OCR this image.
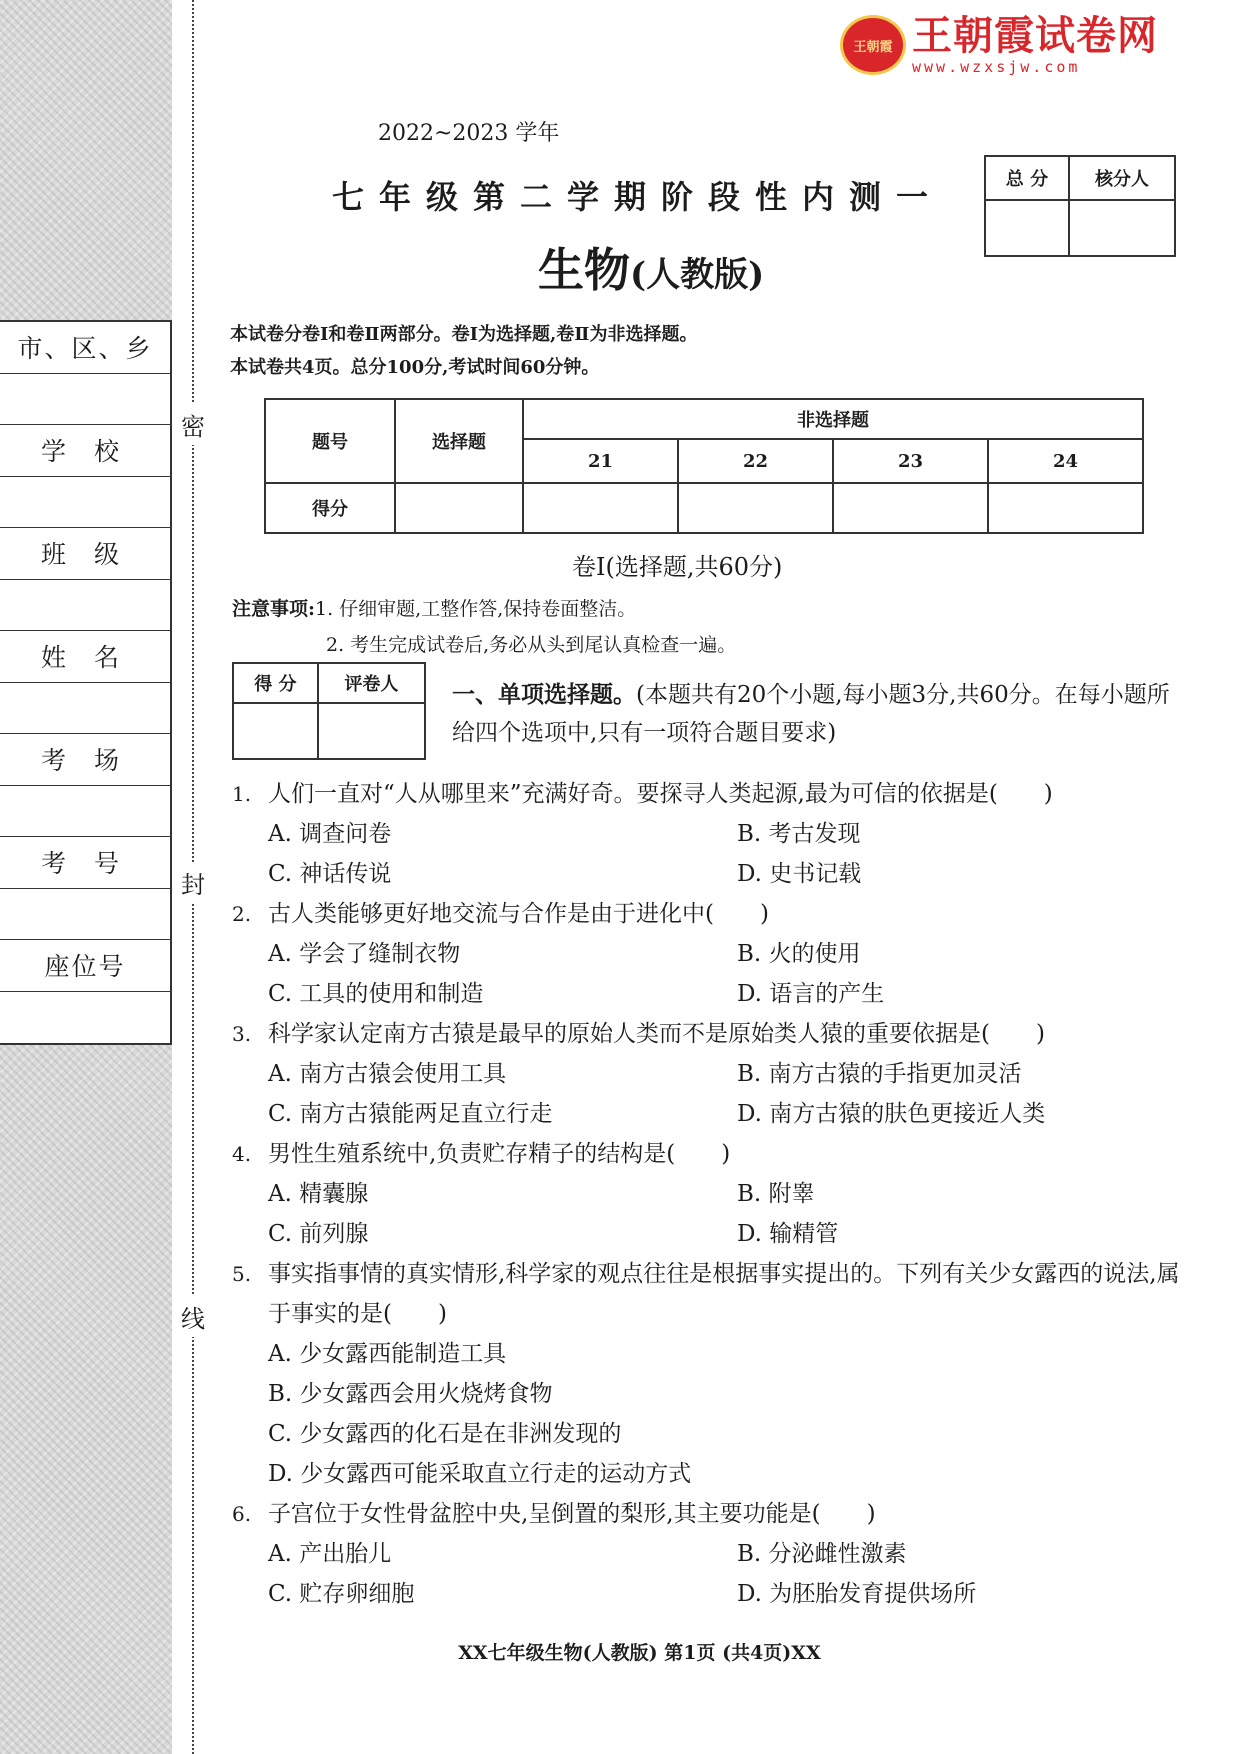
市、区、乡
学 校
班 级
姓 名
考 场
考 号
座位号
密
封
线
王朝霞 王朝霞试卷网
www.wzxsjw.com
2022~2023 学年
七年级第二学期阶段性内测一
生物(人教版)
总 分	核分人

本试卷分卷Ⅰ和卷Ⅱ两部分。卷Ⅰ为选择题,卷Ⅱ为非选择题。
本试卷共4页。总分100分,考试时间60分钟。
题号	选择题	非选择题			
		21	22	23	24
得分					
卷Ⅰ(选择题,共60分)
注意事项:1. 仔细审题,工整作答,保持卷面整洁。
2. 考生完成试卷后,务必从头到尾认真检查一遍。
得 分	评卷人
	一、单项选择题。(本题共有20个小题,每小题3分,共60分。在每小题所给四个选项中,只有一项符合题目要求)
1. 人们一直对“人从哪里来”充满好奇。要探寻人类起源,最为可信的依据是(　　)
A. 调查问卷	B. 考古发现
C. 神话传说	D. 史书记载
2. 古人类能够更好地交流与合作是由于进化中(　　)
A. 学会了缝制衣物	B. 火的使用
C. 工具的使用和制造	D. 语言的产生
3. 科学家认定南方古猿是最早的原始人类而不是原始类人猿的重要依据是(　　)
A. 南方古猿会使用工具	B. 南方古猿的手指更加灵活
C. 南方古猿能两足直立行走	D. 南方古猿的肤色更接近人类
4. 男性生殖系统中,负责贮存精子的结构是(　　)
A. 精囊腺	B. 附睾
C. 前列腺	D. 输精管
5. 事实指事情的真实情形,科学家的观点往往是根据事实提出的。下列有关少女露西的说法,属于事实的是(　　)
A. 少女露西能制造工具
B. 少女露西会用火烧烤食物
C. 少女露西的化石是在非洲发现的
D. 少女露西可能采取直立行走的运动方式
6. 子宫位于女性骨盆腔中央,呈倒置的梨形,其主要功能是(　　)
A. 产出胎儿	B. 分泌雌性激素
C. 贮存卵细胞	D. 为胚胎发育提供场所
XX七年级生物(人教版) 第1页 (共4页)XX
